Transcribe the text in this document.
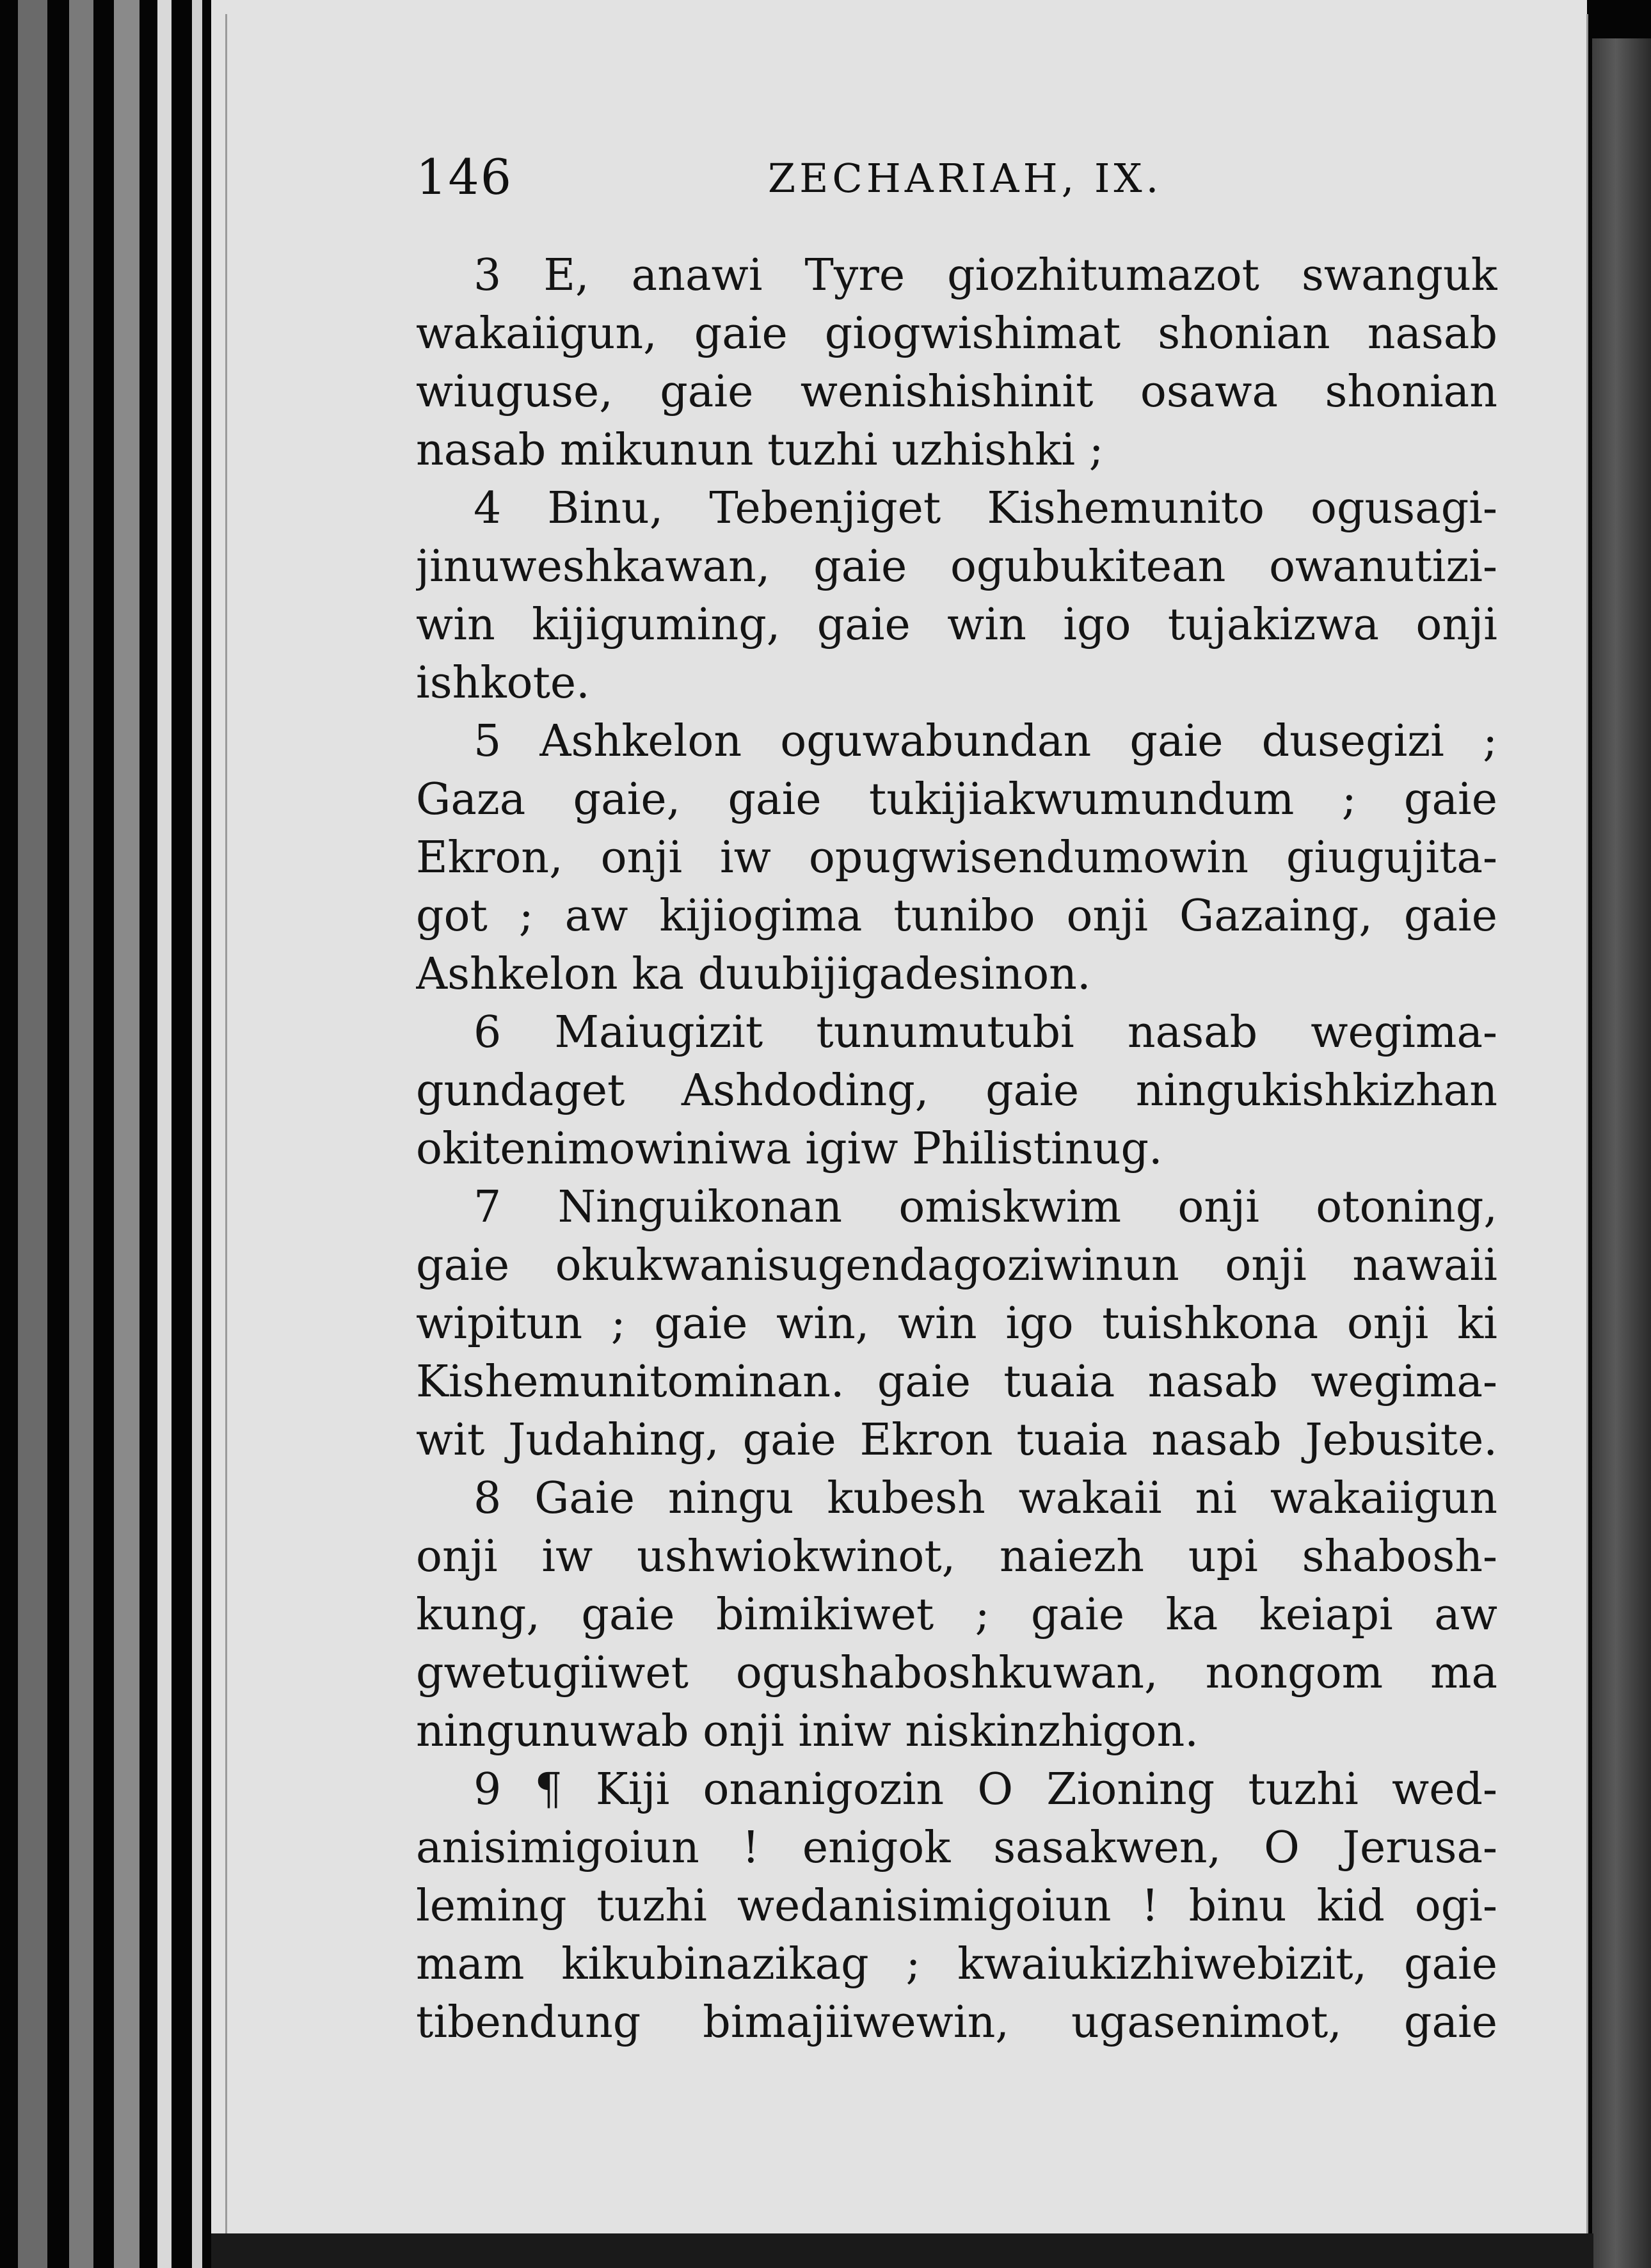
146	ZECHARIAH, IX.
3 E, anawi Tyre giozhitumazot swanguk
wakaiigun, gaie giogwishimat shonian nasab
wiuguse, gaie wenishishinit osawa shonian
nasab mikunun tuzhi uzhishki ;
4 Binu, Tebenjiget Kishemunito ogusagi-
jinuweshkawan, gaie ogubukitean owanutizi-
win kijiguming, gaie win igo tujakizwa onji
ishkote.
5 Ashkelon oguwabundan gaie dusegizi ;
Gaza gaie, gaie tukijiakwumundum ; gaie
Ekron, onji iw opugwisendumowin giugujita-
got ; aw kijiogima tunibo onji Gazaing, gaie
Ashkelon ka duubijigadesinon.
6 Maiugizit tunumutubi nasab wegima-
gundaget Ashdoding, gaie ningukishkizhan
okitenimowiniwa igiw Philistinug.
7 Ninguikonan omiskwim onji otoning,
gaie okukwanisugendagoziwinun onji nawaii
wipitun ; gaie win, win igo tuishkona onji ki
Kishemunitominan. gaie tuaia nasab wegima-
wit Judahing, gaie Ekron tuaia nasab Jebusite.
8 Gaie ningu kubesh wakaii ni wakaiigun
onji iw ushwiokwinot, naiezh upi shabosh-
kung, gaie bimikiwet ; gaie ka keiapi aw
gwetugiiwet ogushaboshkuwan, nongom ma
ningunuwab onji iniw niskinzhigon.
9 ¶ Kiji onanigozin O Zioning tuzhi wed-
anisimigoiun ! enigok sasakwen, O Jerusa-
leming tuzhi wedanisimigoiun ! binu kid ogi-
mam kikubinazikag ; kwaiukizhiwebizit, gaie
tibendung bimajiiwewin, ugasenimot, gaie
